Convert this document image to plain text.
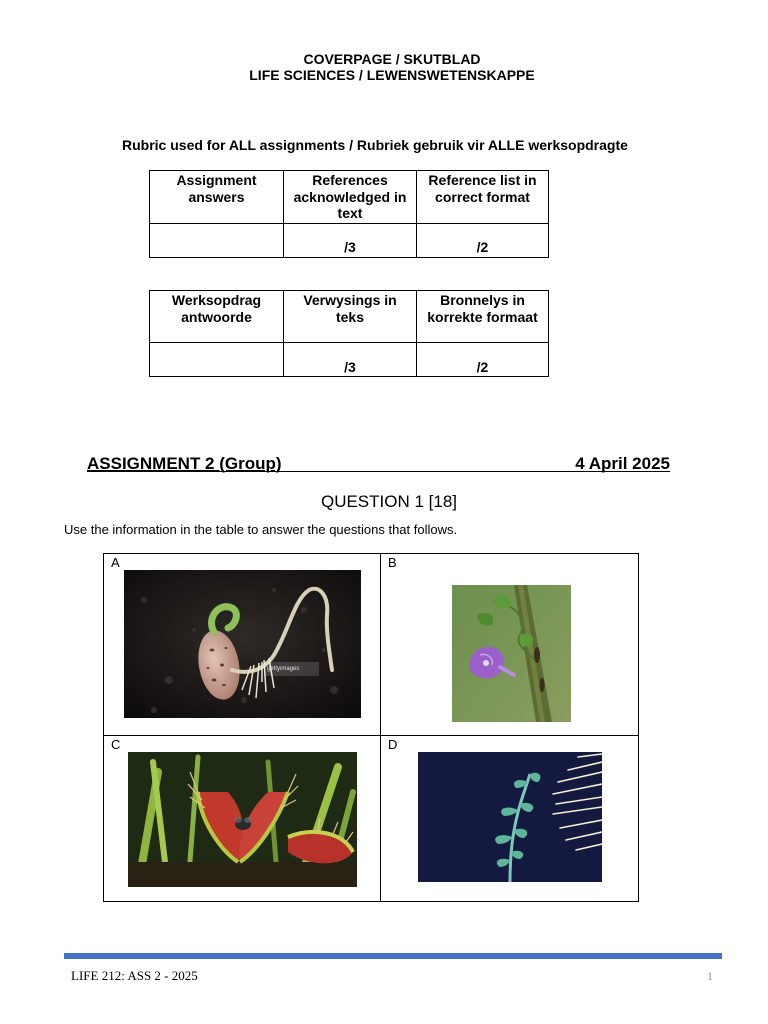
COVERPAGE / SKUTBLAD
LIFE SCIENCES / LEWENSWETENSKAPPE
Rubric used for ALL assignments / Rubriek gebruik vir ALLE werksopdragte
Assignment answers	References acknowledged in text	Reference list in correct format
	/3	/2
Werksopdrag antwoorde	Verwysings in teks	Bronnelys in korrekte formaat
	/3	/2
ASSIGNMENT 2 (Group)	4 April 2025
QUESTION 1 [18]
Use the information in the table to answer the questions that follows.
A
gettyimages
B
C	D
LIFE 212: ASS 2 - 2025	1
